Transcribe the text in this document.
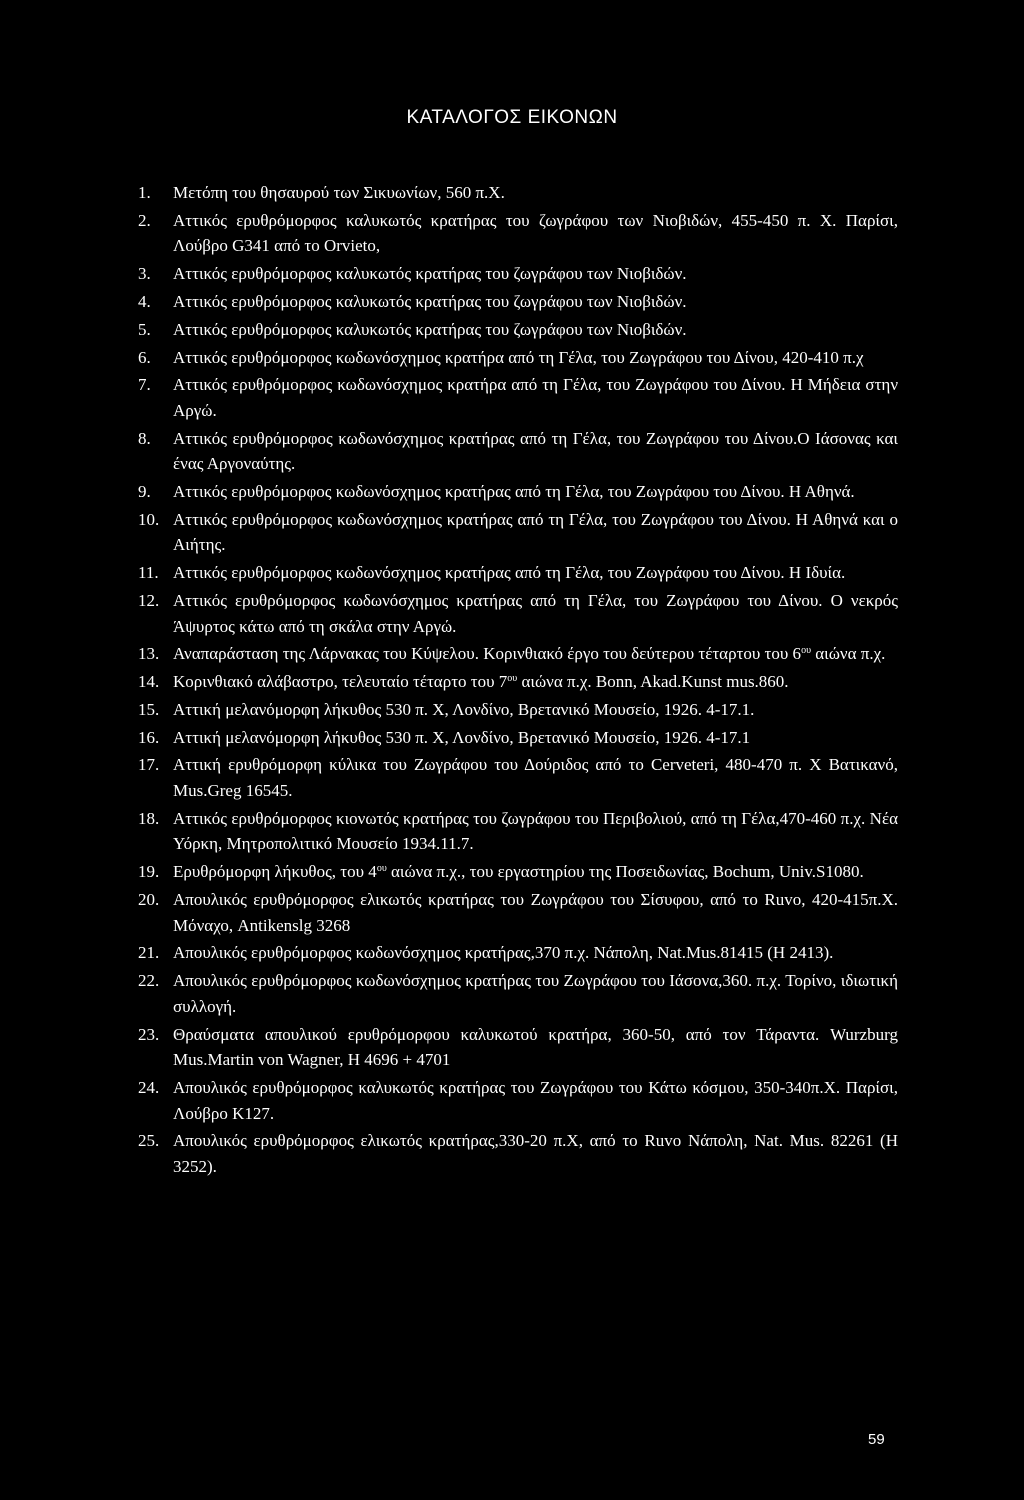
ΚΑΤΑΛΟΓΟΣ ΕΙΚΟΝΩΝ
1. Μετόπη του θησαυρού των Σικυωνίων, 560 π.Χ.
2. Αττικός ερυθρόμορφος καλυκωτός κρατήρας του ζωγράφου των Νιοβιδών, 455-450 π. Χ. Παρίσι, Λούβρο G341 από το Orvieto,
3. Αττικός ερυθρόμορφος καλυκωτός κρατήρας του ζωγράφου των Νιοβιδών.
4. Αττικός ερυθρόμορφος καλυκωτός κρατήρας του ζωγράφου των Νιοβιδών.
5. Αττικός ερυθρόμορφος καλυκωτός κρατήρας του ζωγράφου των Νιοβιδών.
6. Αττικός ερυθρόμορφος κωδωνόσχημος κρατήρα από τη Γέλα, του Ζωγράφου του Δίνου, 420-410 π.χ
7. Αττικός ερυθρόμορφος κωδωνόσχημος κρατήρα από τη Γέλα, του Ζωγράφου του Δίνου. Η Μήδεια στην Αργώ.
8. Αττικός ερυθρόμορφος κωδωνόσχημος κρατήρας από τη Γέλα, του Ζωγράφου του Δίνου.Ο Ιάσονας και ένας Αργοναύτης.
9. Αττικός ερυθρόμορφος κωδωνόσχημος κρατήρας από τη Γέλα, του Ζωγράφου του Δίνου. Η Αθηνά.
10. Αττικός ερυθρόμορφος κωδωνόσχημος κρατήρας από τη Γέλα, του Ζωγράφου του Δίνου. Η Αθηνά και ο Αιήτης.
11. Αττικός ερυθρόμορφος κωδωνόσχημος κρατήρας από τη Γέλα, του Ζωγράφου του Δίνου. Η Ιδυία.
12. Αττικός ερυθρόμορφος κωδωνόσχημος κρατήρας από τη Γέλα, του Ζωγράφου του Δίνου. Ο νεκρός Άψυρτος κάτω από τη σκάλα στην Αργώ.
13. Αναπαράσταση της Λάρνακας του Κύψελου. Κορινθιακό έργο του δεύτερου τέταρτου του $6^{o\upsilon}$ αιώνα π.χ.
14. Κορινθιακό αλάβαστρο, τελευταίο τέταρτο του $7^{o\upsilon}$ αιώνα π.χ. Bonn, Akad.Kunst mus.860.
15. Αττική μελανόμορφη λήκυθος 530 π. Χ, Λονδίνο, Βρετανικό Μουσείο, 1926. 4-17.1.
16. Αττική μελανόμορφη λήκυθος 530 π. Χ, Λονδίνο, Βρετανικό Μουσείο, 1926. 4-17.1
17. Αττική ερυθρόμορφη κύλικα του Ζωγράφου του Δούριδος από το Cerveteri, 480-470 π. Χ Βατικανό, Mus.Greg 16545.
18. Αττικός ερυθρόμορφος κιονωτός κρατήρας του ζωγράφου του Περιβολιού, από τη Γέλα,470-460 π.χ. Νέα Υόρκη, Μητροπολιτικό Μουσείο 1934.11.7.
19. Ερυθρόμορφη λήκυθος, του $4^{o\upsilon}$ αιώνα π.χ., του εργαστηρίου της Ποσειδωνίας, Bochum, Univ.S1080.
20. Απουλικός ερυθρόμορφος ελικωτός κρατήρας του Ζωγράφου του Σίσυφου, από το Ruvo, 420-415π.Χ. Μόναχο, Antikenslg 3268
21. Απουλικός ερυθρόμορφος κωδωνόσχημος κρατήρας,370 π.χ. Νάπολη, Nat.Mus.81415 (Η 2413).
22. Απουλικός ερυθρόμορφος κωδωνόσχημος κρατήρας του Ζωγράφου του Ιάσονα,360. π.χ. Τορίνο, ιδιωτική συλλογή.
23. Θραύσματα απουλικού ερυθρόμορφου καλυκωτού κρατήρα, 360-50, από τον Τάραντα. Wurzburg Mus.Martin von Wagner, Η 4696 + 4701
24. Απουλικός ερυθρόμορφος καλυκωτός κρατήρας του Ζωγράφου του Κάτω κόσμου, 350-340π.Χ. Παρίσι, Λούβρο Κ127.
25. Απουλικός ερυθρόμορφος ελικωτός κρατήρας,330-20 π.Χ, από το Ruvo Νάπολη, Nat. Mus. 82261 (Η 3252).
59
